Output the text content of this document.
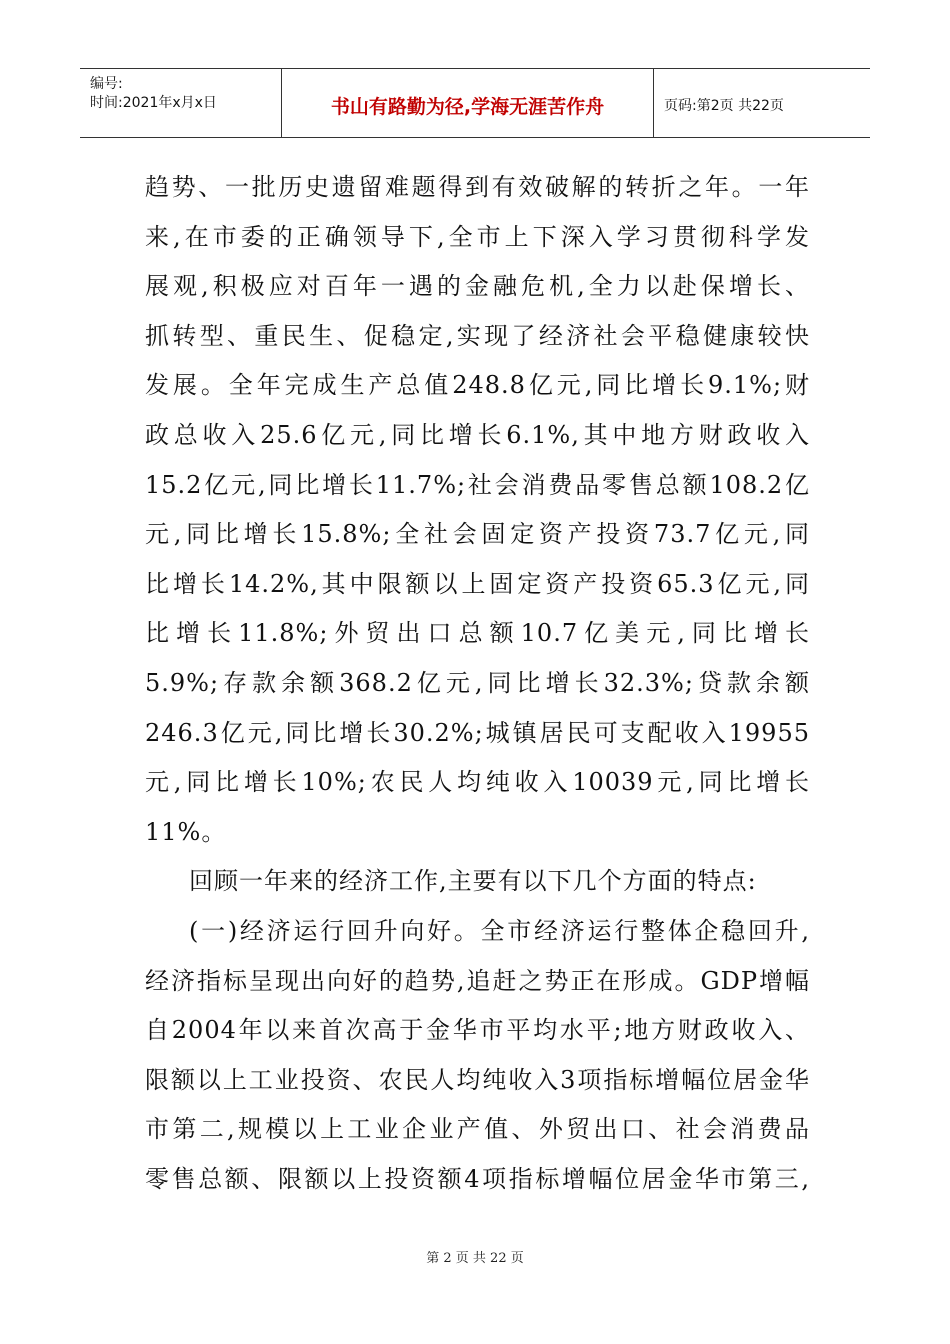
编号:
时间:2021年x月x日	书山有路勤为径,学海无涯苦作舟	页码:第2页 共22页
趋势、一批历史遗留难题得到有效破解的转折之年。一年
来,在市委的正确领导下,全市上下深入学习贯彻科学发
展观,积极应对百年一遇的金融危机,全力以赴保增长、
抓转型、重民生、促稳定,实现了经济社会平稳健康较快
发展。全年完成生产总值248.8亿元,同比增长9.1%;财
政总收入25.6亿元,同比增长6.1%,其中地方财政收入
15.2亿元,同比增长11.7%;社会消费品零售总额108.2亿
元,同比增长15.8%;全社会固定资产投资73.7亿元,同
比增长14.2%,其中限额以上固定资产投资65.3亿元,同
比增长11.8%;外贸出口总额10.7亿美元,同比增长
5.9%;存款余额368.2亿元,同比增长32.3%;贷款余额
246.3亿元,同比增长30.2%;城镇居民可支配收入19955
元,同比增长10%;农民人均纯收入10039元,同比增长
11%。
回顾一年来的经济工作,主要有以下几个方面的特点:
(一)经济运行回升向好。全市经济运行整体企稳回升,
经济指标呈现出向好的趋势,追赶之势正在形成。GDP增幅
自2004年以来首次高于金华市平均水平;地方财政收入、
限额以上工业投资、农民人均纯收入3项指标增幅位居金华
市第二,规模以上工业企业产值、外贸出口、社会消费品
零售总额、限额以上投资额4项指标增幅位居金华市第三,
第 2 页 共 22 页
